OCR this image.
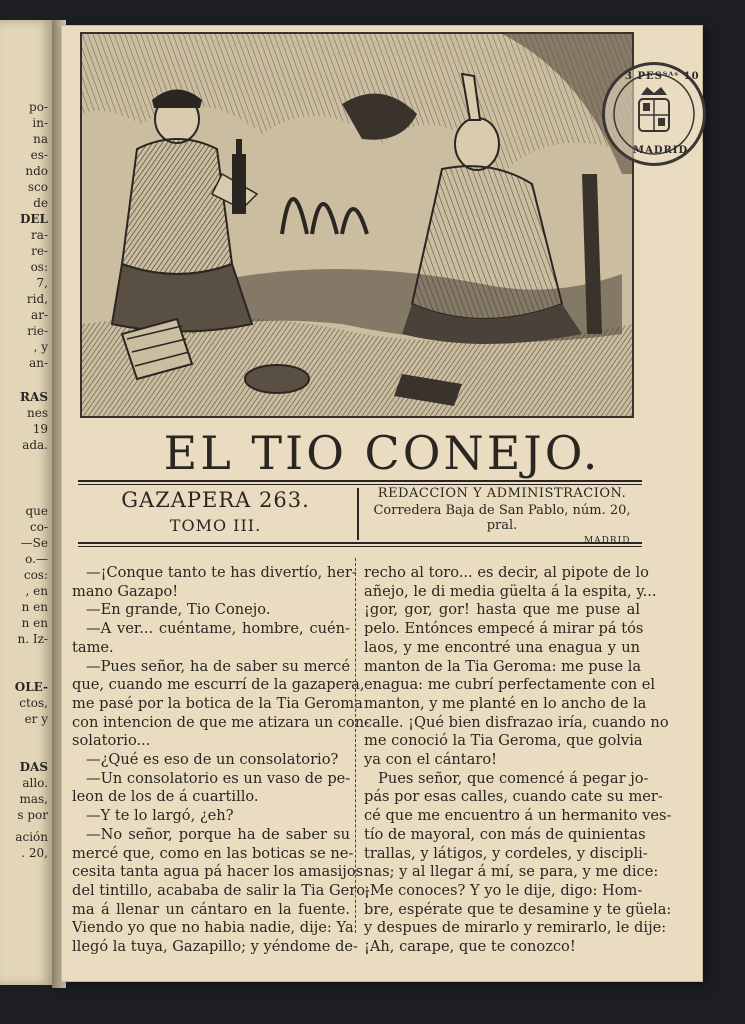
po-
in-
na
es-
ndo
sco
de
DEL
ra-
re-
os:
7,
rid,
ar-
rie-
, y
an-
RAS
nes
19
ada.
que
co-
—Se
o.—
cos:
, en
n en
n en
n. Iz-
OLE-
ctos,
er y
DAS
allo.
mas,
s por
ación
. 20,
3 PESᵀᴬˢ 10
MADRID
EL TIO CONEJO.
GAZAPERA 263.
TOMO III.
REDACCION Y ADMINISTRACION.
Corredera Baja de San Pablo, núm. 20, pral.
MADRID.
—¡Conque tanto te has divertío, her-
mano Gazapo!
—En grande, Tio Conejo.
—A ver... cuéntame, hombre, cuén-
tame.
—Pues señor, ha de saber su mercé
que, cuando me escurrí de la gazapera,
me pasé por la botica de la Tia Geroma
con intencion de que me atizara un con-
solatorio...
—¿Qué es eso de un consolatorio?
—Un consolatorio es un vaso de pe-
leon de los de á cuartillo.
—Y te lo largó, ¿eh?
—No señor, porque ha de saber su
mercé que, como en las boticas se ne-
cesita tanta agua pá hacer los amasijos
del tintillo, acababa de salir la Tia Gero-
ma á llenar un cántaro en la fuente.
Viendo yo que no habia nadie, dije: Ya
llegó la tuya, Gazapillo; y yéndome de-
recho al toro... es decir, al pipote de lo
añejo, le di media güelta á la espita, y...
¡gor, gor, gor! hasta que me puse al
pelo. Entónces empecé á mirar pá tós
laos, y me encontré una enagua y un
manton de la Tia Geroma: me puse la
enagua: me cubrí perfectamente con el
manton, y me planté en lo ancho de la
calle. ¡Qué bien disfrazao iría, cuando no
me conoció la Tia Geroma, que golvia
ya con el cántaro!
Pues señor, que comencé á pegar jo-
pás por esas calles, cuando cate su mer-
cé que me encuentro á un hermanito ves-
tío de mayoral, con más de quinientas
trallas, y látigos, y cordeles, y discipli-
nas; y al llegar á mí, se para, y me dice:
¡Me conoces? Y yo le dije, digo: Hom-
bre, espérate que te desamine y te güela:
y despues de mirarlo y remirarlo, le dije:
¡Ah, carape, que te conozco!
